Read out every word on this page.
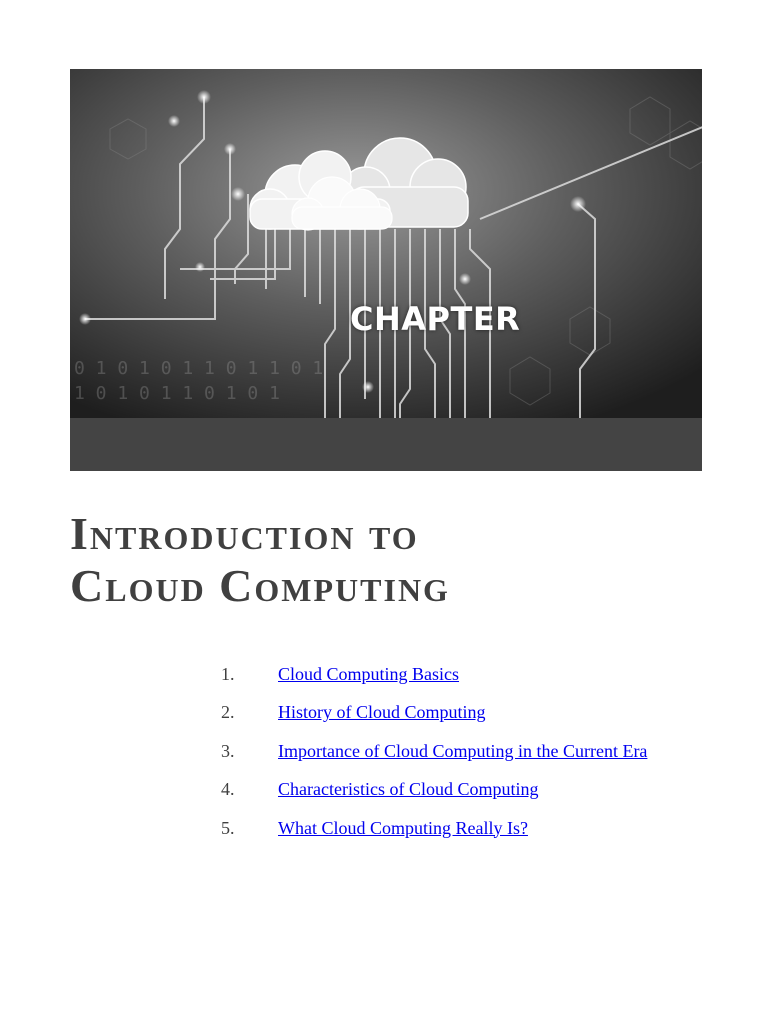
0 1 0 1 0 1 1 0 1 1 0 1
1 0 1 0 1 1 0 1 0 1
CHAPTER
Introduction to
Cloud Computing
1. Cloud Computing Basics
2. History of Cloud Computing
3. Importance of Cloud Computing in the Current Era
4. Characteristics of Cloud Computing
5. What Cloud Computing Really Is?
